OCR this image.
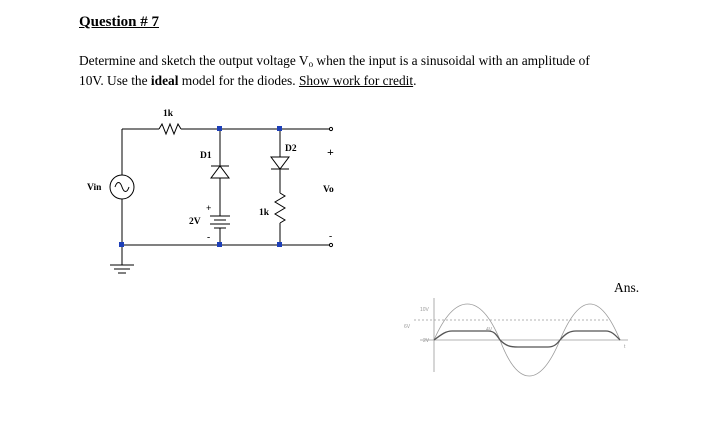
Question # 7
Determine and sketch the output voltage $V_o$ when the input is a sinusoidal with an amplitude of
10V. Use the ideal model for the diodes. Show work for credit.
1k
D1
D2
1k
Vin
2V
+
-
+
Vo
-
Ans.
10V
6V
2V
4V
t
